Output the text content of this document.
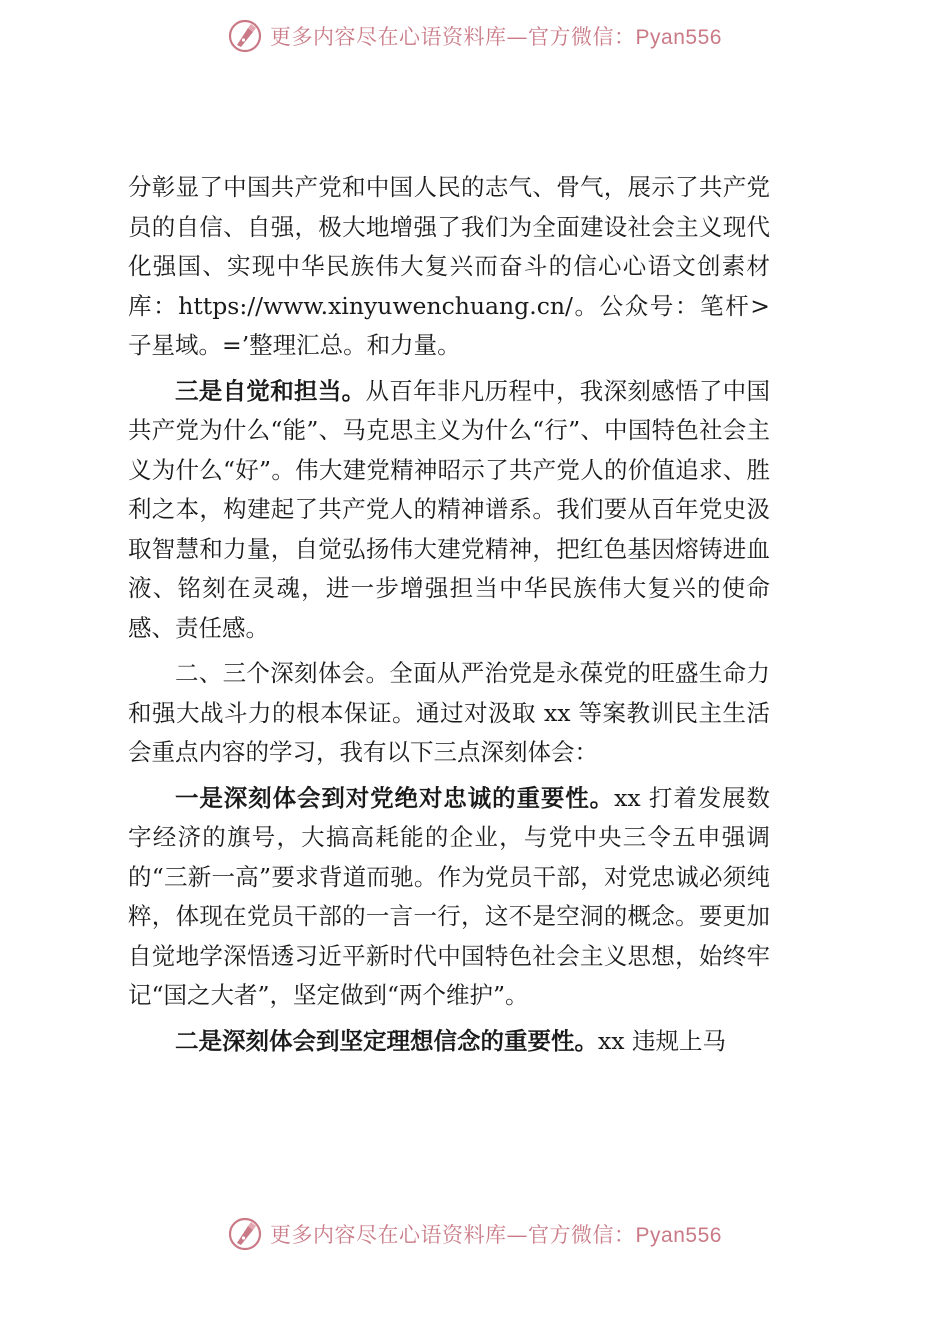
更多内容尽在心语资料库—官方微信：Pyan556

分彰显了中国共产党和中国人民的志气、骨气，展示了共产党员的自信、自强，极大地增强了我们为全面建设社会主义现代化强国、实现中华民族伟大复兴而奋斗的信心心语文创素材库：https://www.xinyuwenchuang.cn/。公众号：笔杆>子星域。=’整理汇总。和力量。

三是自觉和担当。从百年非凡历程中，我深刻感悟了中国共产党为什么“能”、马克思主义为什么“行”、中国特色社会主义为什么“好”。伟大建党精神昭示了共产党人的价值追求、胜利之本，构建起了共产党人的精神谱系。我们要从百年党史汲取智慧和力量，自觉弘扬伟大建党精神，把红色基因熔铸进血液、铭刻在灵魂，进一步增强担当中华民族伟大复兴的使命感、责任感。

二、三个深刻体会。全面从严治党是永葆党的旺盛生命力和强大战斗力的根本保证。通过对汲取 xx 等案教训民主生活会重点内容的学习，我有以下三点深刻体会：

一是深刻体会到对党绝对忠诚的重要性。xx 打着发展数字经济的旗号，大搞高耗能的企业，与党中央三令五申强调的“三新一高”要求背道而驰。作为党员干部，对党忠诚必须纯粹，体现在党员干部的一言一行，这不是空洞的概念。要更加自觉地学深悟透习近平新时代中国特色社会主义思想，始终牢记“国之大者”，坚定做到“两个维护”。

二是深刻体会到坚定理想信念的重要性。xx 违规上马

更多内容尽在心语资料库—官方微信：Pyan556
